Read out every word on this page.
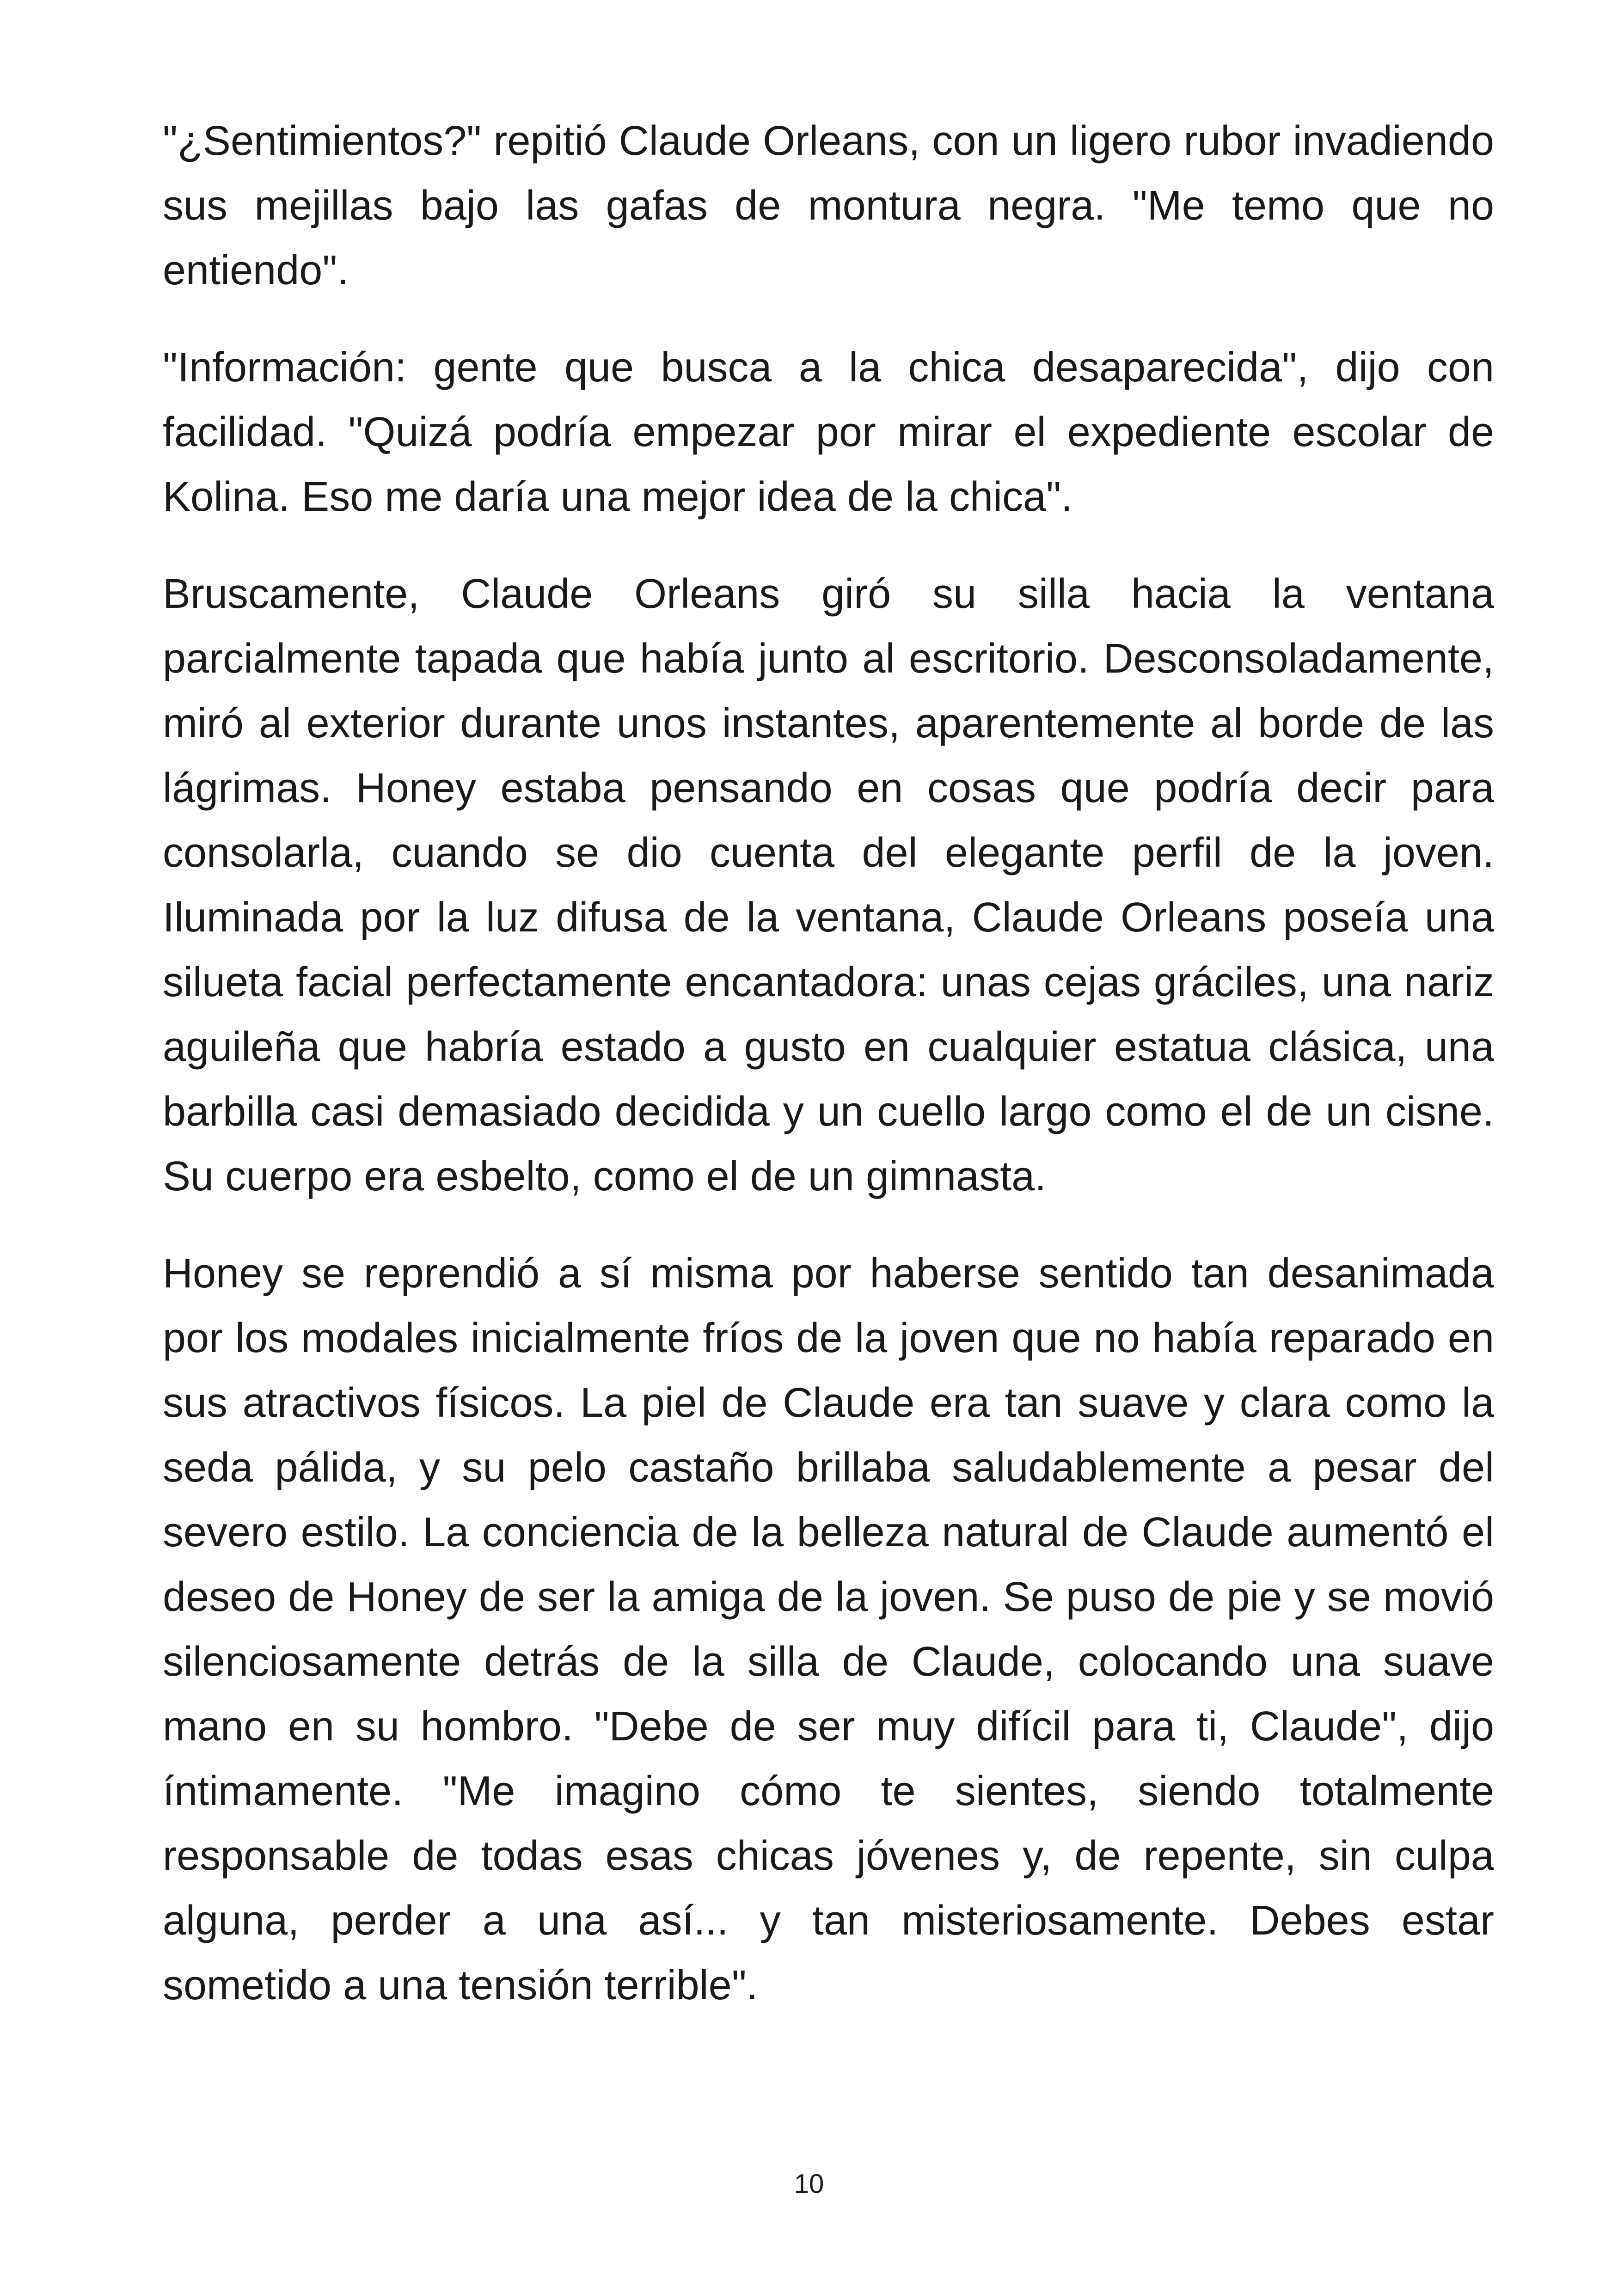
"¿Sentimientos?" repitió Claude Orleans, con un ligero rubor invadiendo sus mejillas bajo las gafas de montura negra. "Me temo que no entiendo".

"Información: gente que busca a la chica desaparecida", dijo con facilidad. "Quizá podría empezar por mirar el expediente escolar de Kolina. Eso me daría una mejor idea de la chica".

Bruscamente, Claude Orleans giró su silla hacia la ventana parcialmente tapada que había junto al escritorio. Desconsoladamente, miró al exterior durante unos instantes, aparentemente al borde de las lágrimas. Honey estaba pensando en cosas que podría decir para consolarla, cuando se dio cuenta del elegante perfil de la joven. Iluminada por la luz difusa de la ventana, Claude Orleans poseía una silueta facial perfectamente encantadora: unas cejas gráciles, una nariz aguileña que habría estado a gusto en cualquier estatua clásica, una barbilla casi demasiado decidida y un cuello largo como el de un cisne. Su cuerpo era esbelto, como el de un gimnasta.

Honey se reprendió a sí misma por haberse sentido tan desanimada por los modales inicialmente fríos de la joven que no había reparado en sus atractivos físicos. La piel de Claude era tan suave y clara como la seda pálida, y su pelo castaño brillaba saludablemente a pesar del severo estilo. La conciencia de la belleza natural de Claude aumentó el deseo de Honey de ser la amiga de la joven. Se puso de pie y se movió silenciosamente detrás de la silla de Claude, colocando una suave mano en su hombro. "Debe de ser muy difícil para ti, Claude", dijo íntimamente. "Me imagino cómo te sientes, siendo totalmente responsable de todas esas chicas jóvenes y, de repente, sin culpa alguna, perder a una así... y tan misteriosamente. Debes estar sometido a una tensión terrible".

10
